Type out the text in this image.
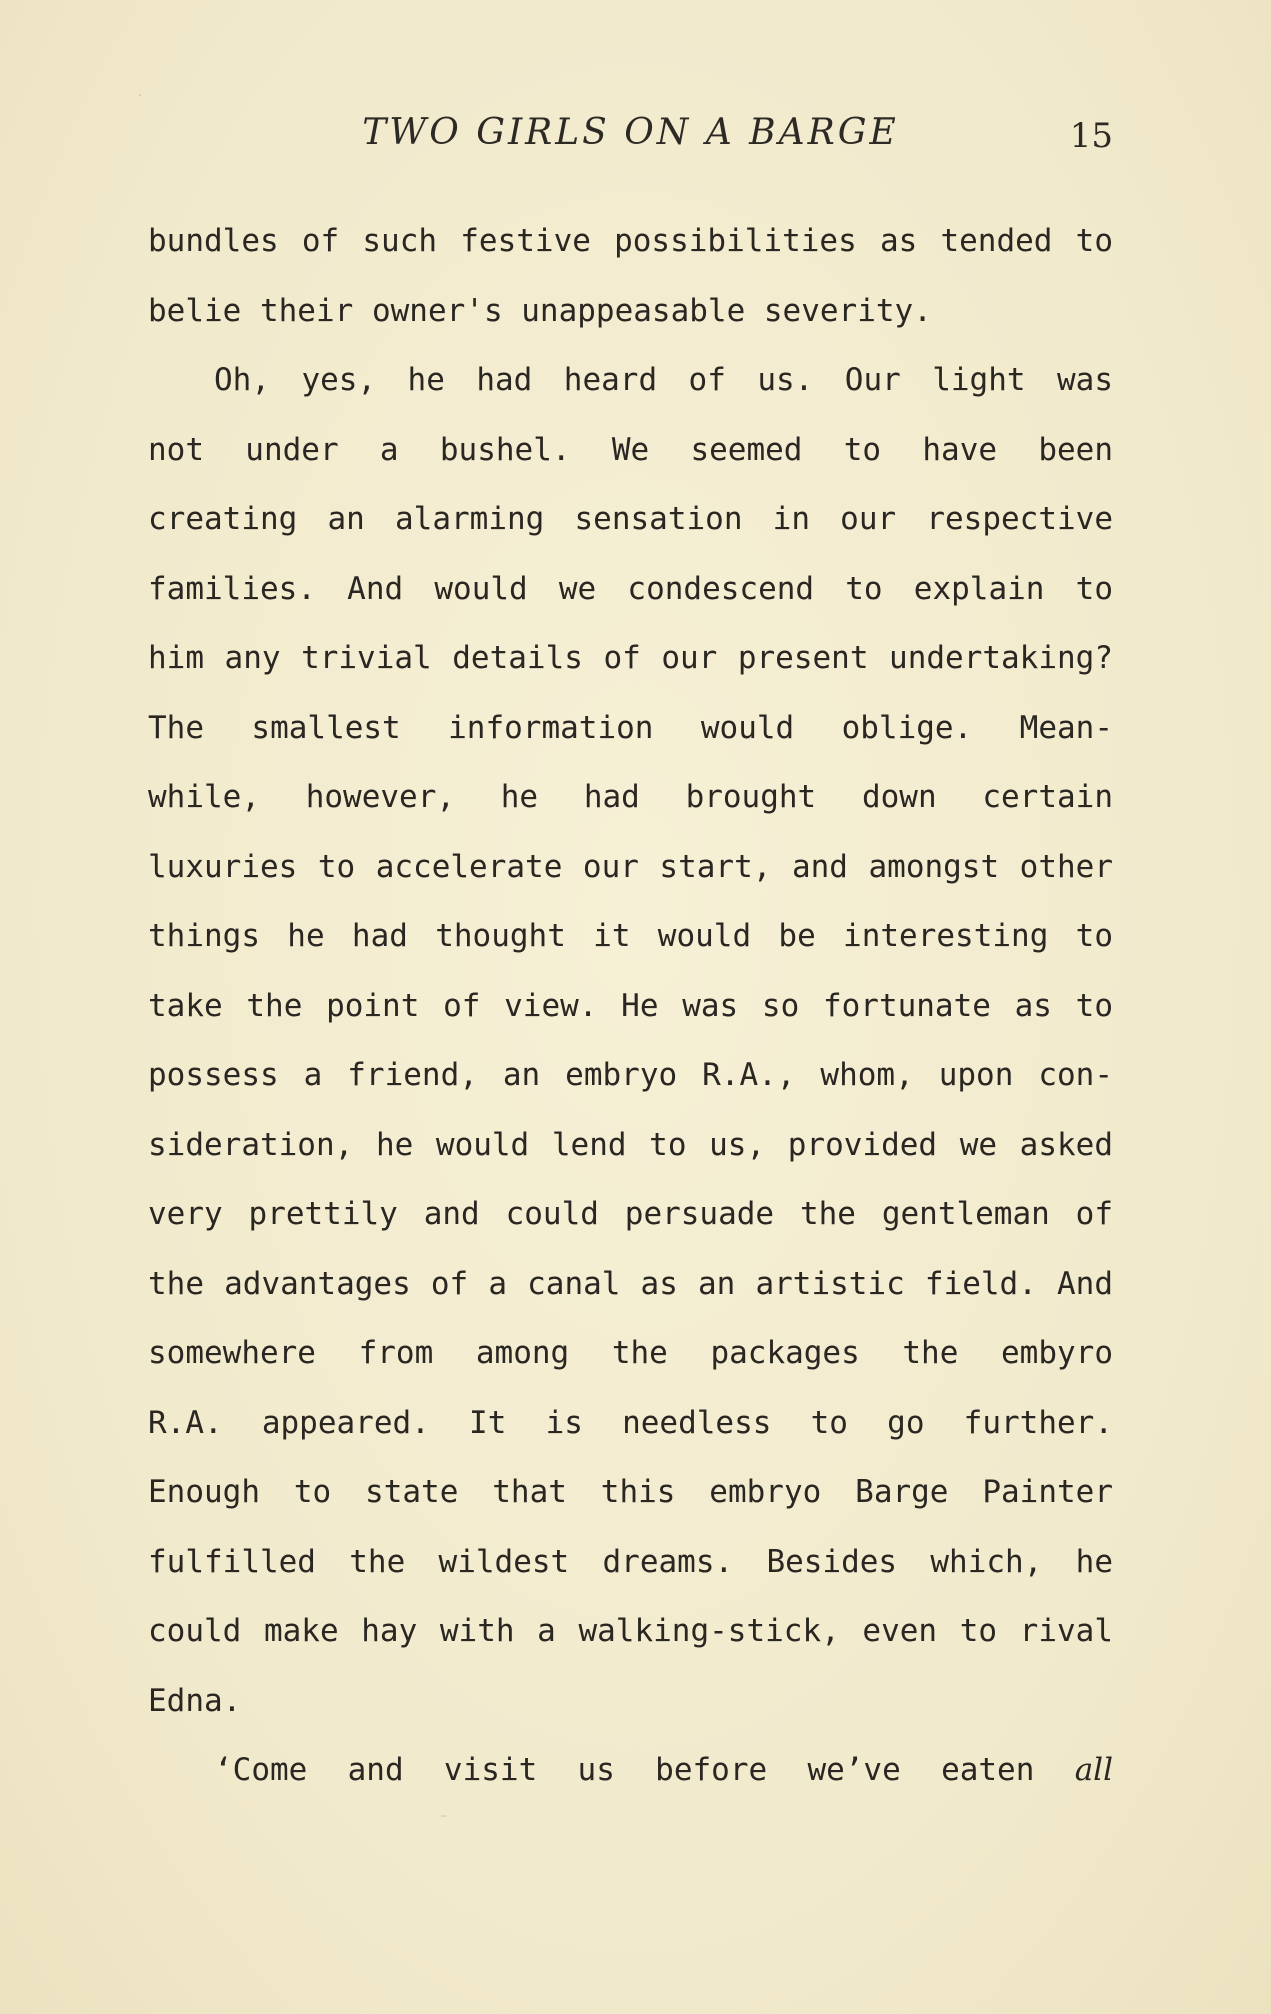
TWO GIRLS ON A BARGE	15
bundles of such festive possibilities as tended to
belie their owner's unappeasable severity.
Oh, yes, he had heard of us. Our light was
not under a bushel. We seemed to have been
creating an alarming sensation in our respective
families. And would we condescend to explain to
him any trivial details of our present undertaking?
The smallest information would oblige. Mean-
while, however, he had brought down certain
luxuries to accelerate our start, and amongst other
things he had thought it would be interesting to
take the point of view. He was so fortunate as to
possess a friend, an embryo R.A., whom, upon con-
sideration, he would lend to us, provided we asked
very prettily and could persuade the gentleman of
the advantages of a canal as an artistic field. And
somewhere from among the packages the embyro
R.A. appeared. It is needless to go further.
Enough to state that this embryo Barge Painter
fulfilled the wildest dreams. Besides which, he
could make hay with a walking-stick, even to rival
Edna.
‘Come and visit us before we’ve eaten all
·
–
